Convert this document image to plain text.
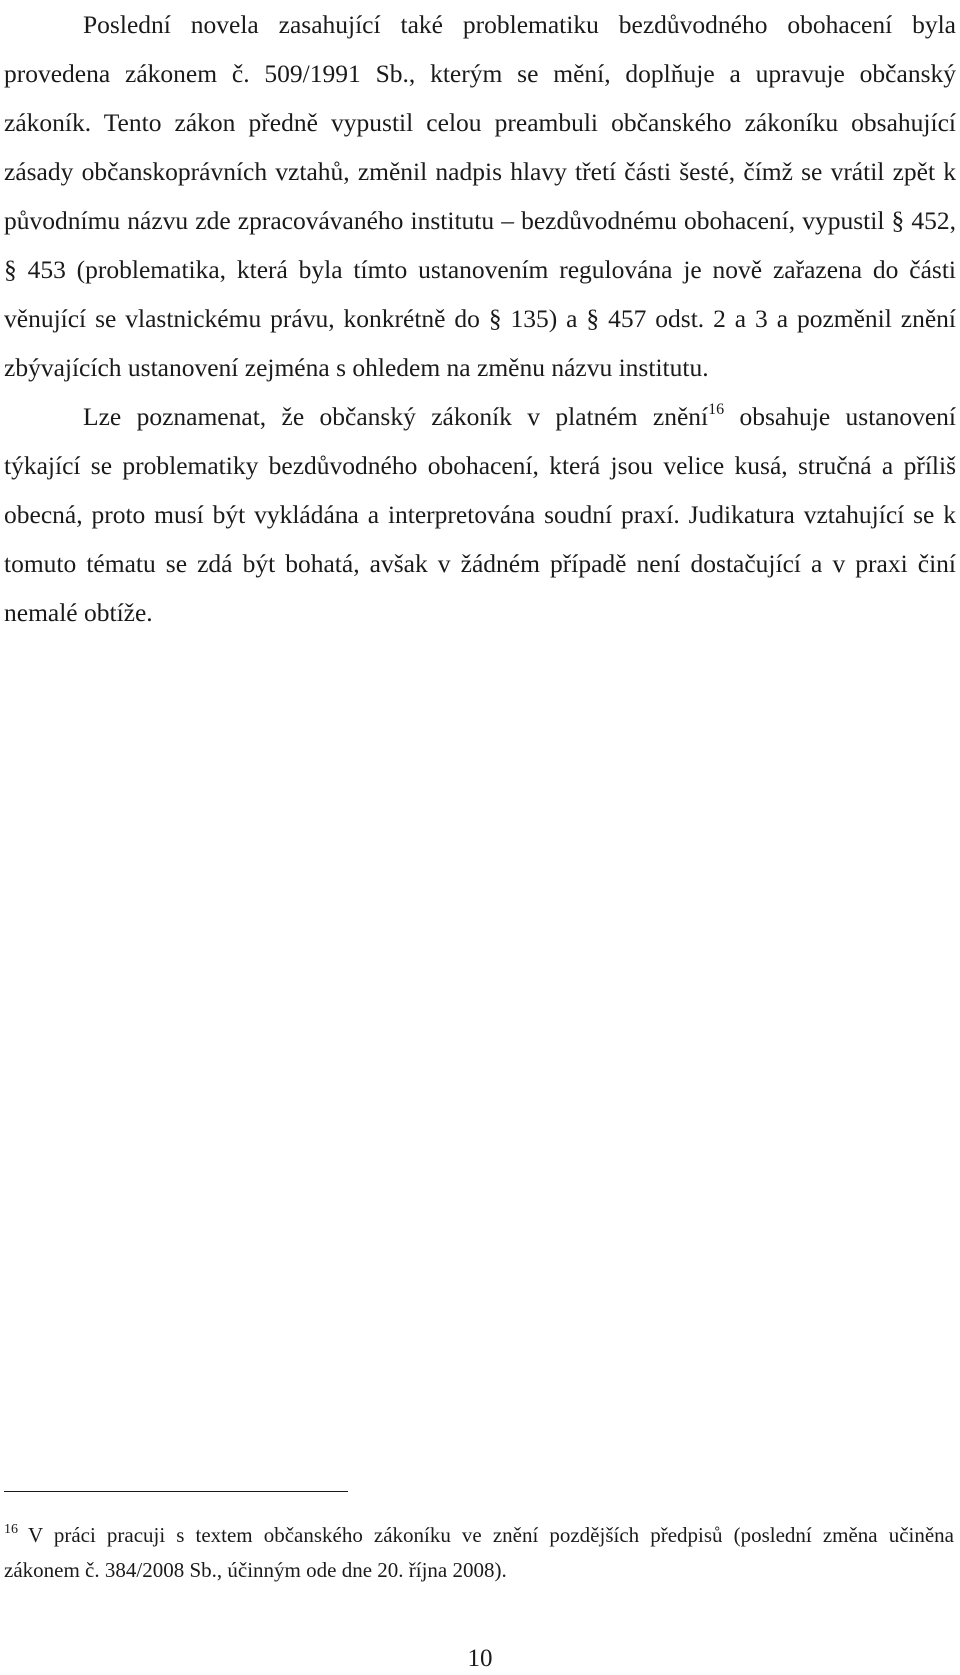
Poslední novela zasahující také problematiku bezdůvodného obohacení byla provedena zákonem č. 509/1991 Sb., kterým se mění, doplňuje a upravuje občanský zákoník. Tento zákon předně vypustil celou preambuli občanského zákoníku obsahující zásady občanskoprávních vztahů, změnil nadpis hlavy třetí části šesté, čímž se vrátil zpět k původnímu názvu zde zpracovávaného institutu – bezdůvodnému obohacení, vypustil § 452, § 453 (problematika, která byla tímto ustanovením regulována je nově zařazena do části věnující se vlastnickému právu, konkrétně do § 135) a § 457 odst. 2 a 3 a pozměnil znění zbývajících ustanovení zejména s ohledem na změnu názvu institutu.

Lze poznamenat, že občanský zákoník v platném znění$^{16}$ obsahuje ustanovení týkající se problematiky bezdůvodného obohacení, která jsou velice kusá, stručná a příliš obecná, proto musí být vykládána a interpretována soudní praxí. Judikatura vztahující se k tomuto tématu se zdá být bohatá, avšak v žádném případě není dostačující a v praxi činí nemalé obtíže.

$^{16}$ V práci pracuji s textem občanského zákoníku ve znění pozdějších předpisů (poslední změna učiněna zákonem č. 384/2008 Sb., účinným ode dne 20. října 2008).
10
